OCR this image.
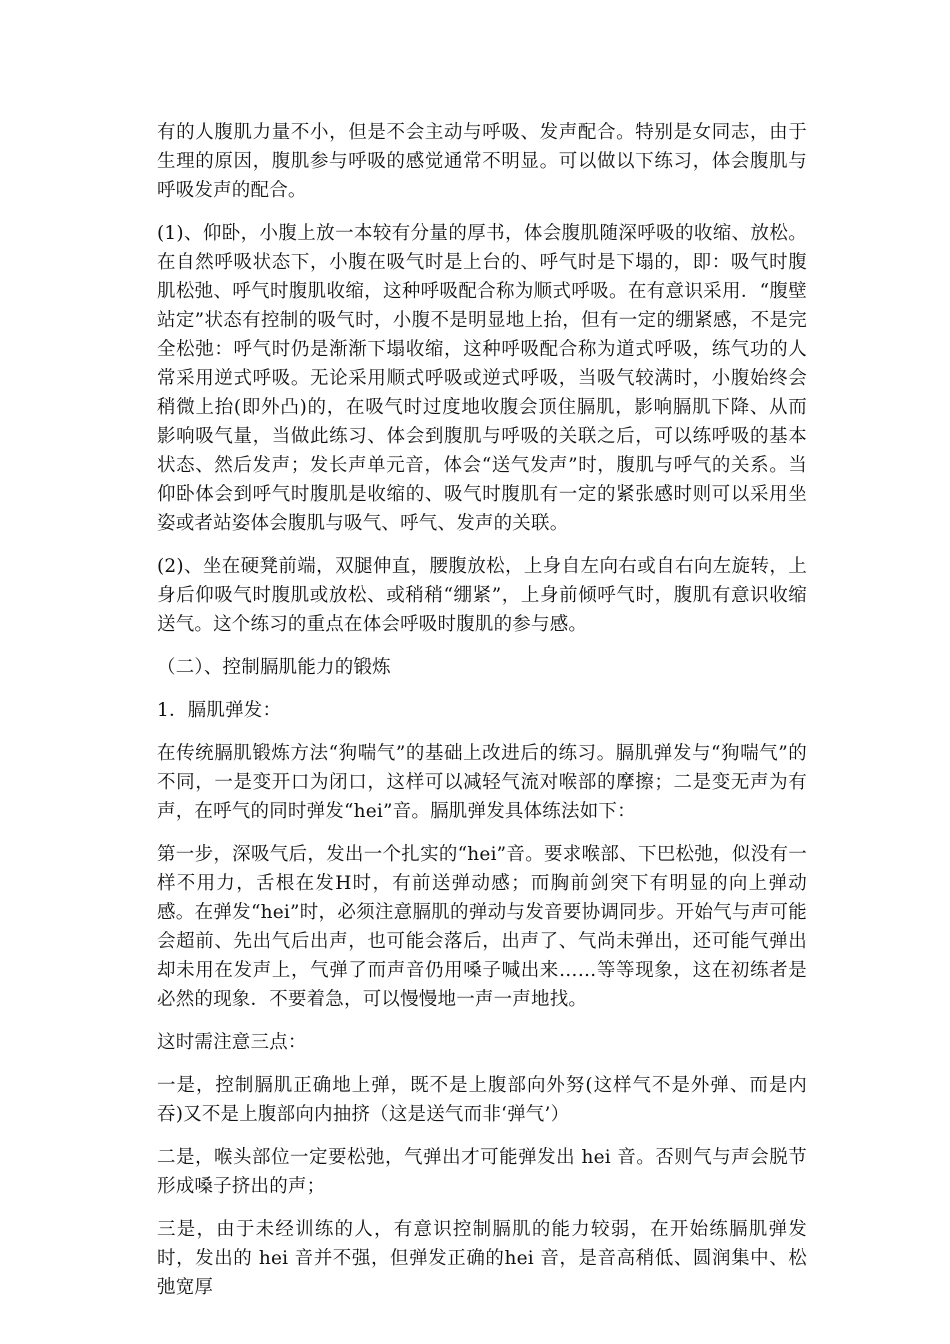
有的人腹肌力量不小，但是不会主动与呼吸、发声配合。特别是女同志，由于生理的原因，腹肌参与呼吸的感觉通常不明显。可以做以下练习，体会腹肌与呼吸发声的配合。

(1)、仰卧，小腹上放一本较有分量的厚书，体会腹肌随深呼吸的收缩、放松。在自然呼吸状态下，小腹在吸气时是上台的、呼气时是下塌的，即：吸气时腹肌松弛、呼气时腹肌收缩，这种呼吸配合称为顺式呼吸。在有意识采用．“腹壁站定”状态有控制的吸气时，小腹不是明显地上抬，但有一定的绷紧感，不是完全松弛：呼气时仍是渐渐下塌收缩，这种呼吸配合称为道式呼吸，练气功的人常采用逆式呼吸。无论采用顺式呼吸或逆式呼吸，当吸气较满时，小腹始终会稍微上抬(即外凸)的，在吸气时过度地收腹会顶住膈肌，影响膈肌下降、从而影响吸气量，当做此练习、体会到腹肌与呼吸的关联之后，可以练呼吸的基本状态、然后发声；发长声单元音，体会“送气发声”时，腹肌与呼气的关系。当仰卧体会到呼气时腹肌是收缩的、吸气时腹肌有一定的紧张感时则可以采用坐姿或者站姿体会腹肌与吸气、呼气、发声的关联。

(2)、坐在硬凳前端，双腿伸直，腰腹放松，上身自左向右或自右向左旋转，上身后仰吸气时腹肌或放松、或稍稍“绷紧”，上身前倾呼气时，腹肌有意识收缩送气。这个练习的重点在体会呼吸时腹肌的参与感。

（二）、控制膈肌能力的锻炼

1．膈肌弹发：

在传统膈肌锻炼方法“狗喘气”的基础上改进后的练习。膈肌弹发与“狗喘气”的不同，一是变开口为闭口，这样可以减轻气流对喉部的摩擦；二是变无声为有声，在呼气的同时弹发“hei”音。膈肌弹发具体练法如下：

第一步，深吸气后，发出一个扎实的“hei”音。要求喉部、下巴松弛，似没有一样不用力，舌根在发H时，有前送弹动感；而胸前剑突下有明显的向上弹动感。在弹发“hei”时，必须注意膈肌的弹动与发音要协调同步。开始气与声可能会超前、先出气后出声，也可能会落后，出声了、气尚未弹出，还可能气弹出却未用在发声上，气弹了而声音仍用嗓子喊出来……等等现象，这在初练者是必然的现象．不要着急，可以慢慢地一声一声地找。

这时需注意三点：

一是，控制膈肌正确地上弹，既不是上腹部向外努(这样气不是外弹、而是内吞)又不是上腹部向内抽挤（这是送气而非‘弹气’）

二是，喉头部位一定要松弛，气弹出才可能弹发出 hei 音。否则气与声会脱节形成嗓子挤出的声；

三是，由于未经训练的人，有意识控制膈肌的能力较弱，在开始练膈肌弹发时，发出的 hei 音并不强，但弹发正确的hei 音，是音高稍低、圆润集中、松弛宽厚
